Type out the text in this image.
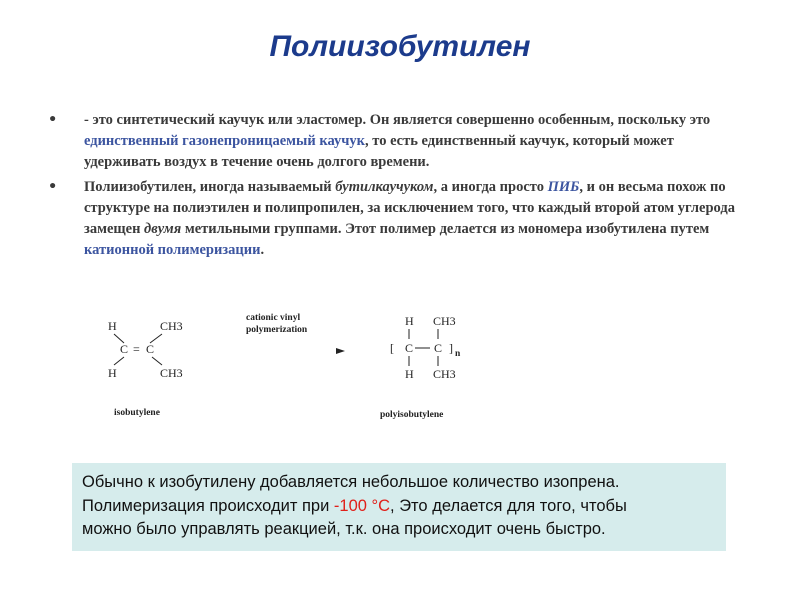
Полиизобутилен

• - это синтетический каучук или эластомер. Он является совершенно особенным, поскольку это единственный газонепроницаемый каучук, то есть единственный каучук, который может удерживать воздух в течение очень долгого времени.

• Полиизобутилен, иногда называемый бутилкаучуком, а иногда просто ПИБ, и он весьма похож по структуре на полиэтилен и полипропилен, за исключением того, что каждый второй атом углерода замещен двумя метильными группами. Этот полимер делается из мономера изобутилена путем катионной полимеризации.

H	CH3
C = C
H	CH3
isobutylene
cationic vinyl
polymerization
H CH3
[ C C ] n
H CH3
polyisobutylene
Обычно к изобутилену добавляется небольшое количество изопрена.
Полимеризация происходит при -100 °C, Это делается для того, чтобы
можно было управлять реакцией, т.к. она происходит очень быстро.
